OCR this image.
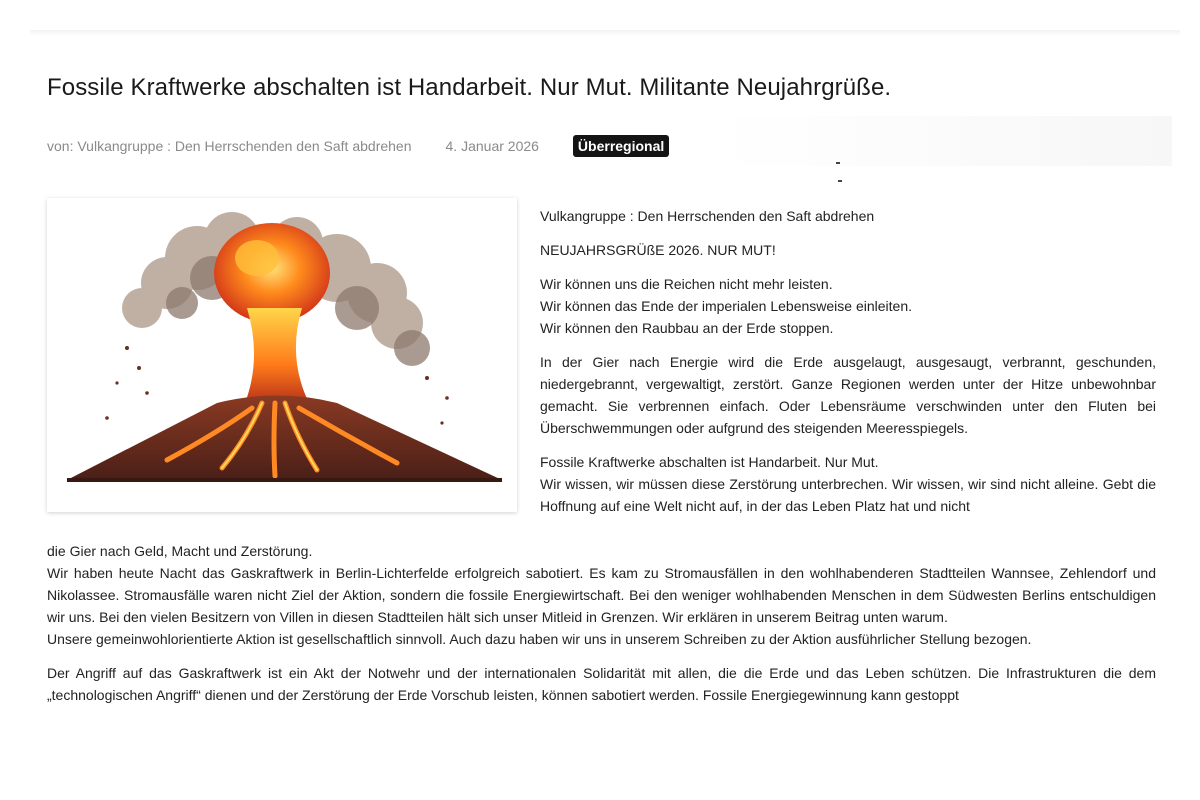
Fossile Kraftwerke abschalten ist Handarbeit. Nur Mut. Militante Neujahrgrüße.
von: Vulkangruppe : Den Herrschenden den Saft abdrehen 4. Januar 2026	Überregional

Vulkangruppe : Den Herrschenden den Saft abdrehen

NEUJAHRSGRÜßE 2026. NUR MUT!

Wir können uns die Reichen nicht mehr leisten.
Wir können das Ende der imperialen Lebensweise einleiten.
Wir können den Raubbau an der Erde stoppen.

In der Gier nach Energie wird die Erde ausgelaugt, ausgesaugt, verbrannt, geschunden, niedergebrannt, vergewaltigt, zerstört. Ganze Regionen werden unter der Hitze unbewohnbar gemacht. Sie verbrennen einfach. Oder Lebensräume verschwinden unter den Fluten bei Überschwemmungen oder aufgrund des steigenden Meeresspiegels.

Fossile Kraftwerke abschalten ist Handarbeit. Nur Mut.
Wir wissen, wir müssen diese Zerstörung unterbrechen. Wir wissen, wir sind nicht alleine. Gebt die Hoffnung auf eine Welt nicht auf, in der das Leben Platz hat und nicht

die Gier nach Geld, Macht und Zerstörung.

Wir haben heute Nacht das Gaskraftwerk in Berlin-Lichterfelde erfolgreich sabotiert. Es kam zu Stromausfällen in den wohlhabenderen Stadtteilen Wannsee, Zehlendorf und Nikolassee. Stromausfälle waren nicht Ziel der Aktion, sondern die fossile Energiewirtschaft. Bei den weniger wohlhabenden Menschen in dem Südwesten Berlins entschuldigen wir uns. Bei den vielen Besitzern von Villen in diesen Stadtteilen hält sich unser Mitleid in Grenzen. Wir erklären in unserem Beitrag unten warum.

Unsere gemeinwohlorientierte Aktion ist gesellschaftlich sinnvoll. Auch dazu haben wir uns in unserem Schreiben zu der Aktion ausführlicher Stellung bezogen.

Der Angriff auf das Gaskraftwerk ist ein Akt der Notwehr und der internationalen Solidarität mit allen, die die Erde und das Leben schützen. Die Infrastrukturen die dem „technologischen Angriff“ dienen und der Zerstörung der Erde Vorschub leisten, können sabotiert werden. Fossile Energiegewinnung kann gestoppt
